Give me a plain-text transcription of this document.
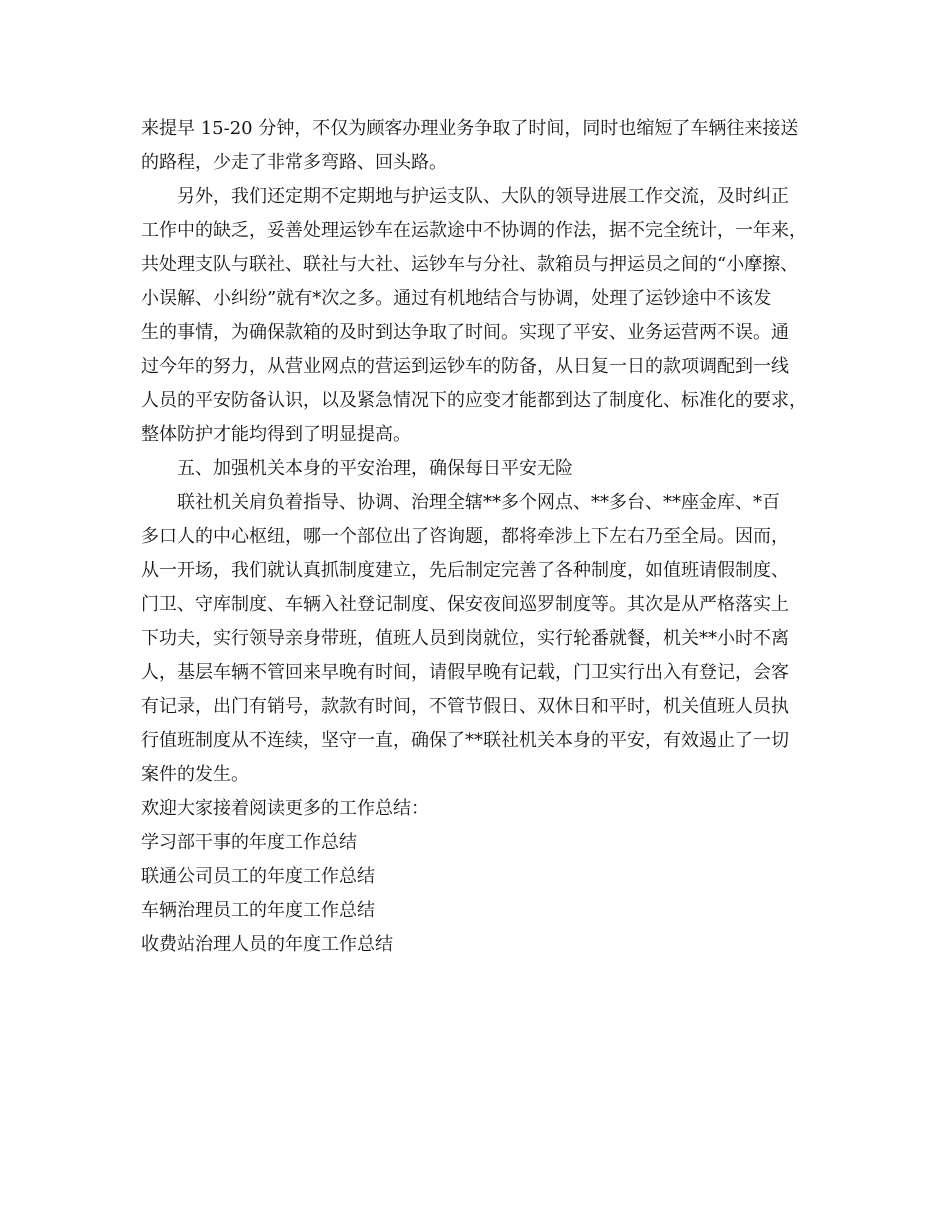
来提早 15-20 分钟，不仅为顾客办理业务争取了时间，同时也缩短了车辆往来接送

的路程，少走了非常多弯路、回头路。

另外，我们还定期不定期地与护运支队、大队的领导进展工作交流，及时纠正

工作中的缺乏，妥善处理运钞车在运款途中不协调的作法，据不完全统计，一年来，

共处理支队与联社、联社与大社、运钞车与分社、款箱员与押运员之间的“小摩擦、

小误解、小纠纷”就有*次之多。通过有机地结合与协调，处理了运钞途中不该发

生的事情，为确保款箱的及时到达争取了时间。实现了平安、业务运营两不误。通

过今年的努力，从营业网点的营运到运钞车的防备，从日复一日的款项调配到一线

人员的平安防备认识，以及紧急情况下的应变才能都到达了制度化、标准化的要求，

整体防护才能均得到了明显提高。

五、加强机关本身的平安治理，确保每日平安无险

联社机关肩负着指导、协调、治理全辖**多个网点、**多台、**座金库、*百

多口人的中心枢纽，哪一个部位出了咨询题，都将牵涉上下左右乃至全局。因而，

从一开场，我们就认真抓制度建立，先后制定完善了各种制度，如值班请假制度、

门卫、守库制度、车辆入社登记制度、保安夜间巡罗制度等。其次是从严格落实上

下功夫，实行领导亲身带班，值班人员到岗就位，实行轮番就餐，机关**小时不离

人，基层车辆不管回来早晚有时间，请假早晚有记载，门卫实行出入有登记，会客

有记录，出门有销号，款款有时间，不管节假日、双休日和平时，机关值班人员执

行值班制度从不连续，坚守一直，确保了**联社机关本身的平安，有效遏止了一切

案件的发生。

欢迎大家接着阅读更多的工作总结：

学习部干事的年度工作总结

联通公司员工的年度工作总结

车辆治理员工的年度工作总结

收费站治理人员的年度工作总结
